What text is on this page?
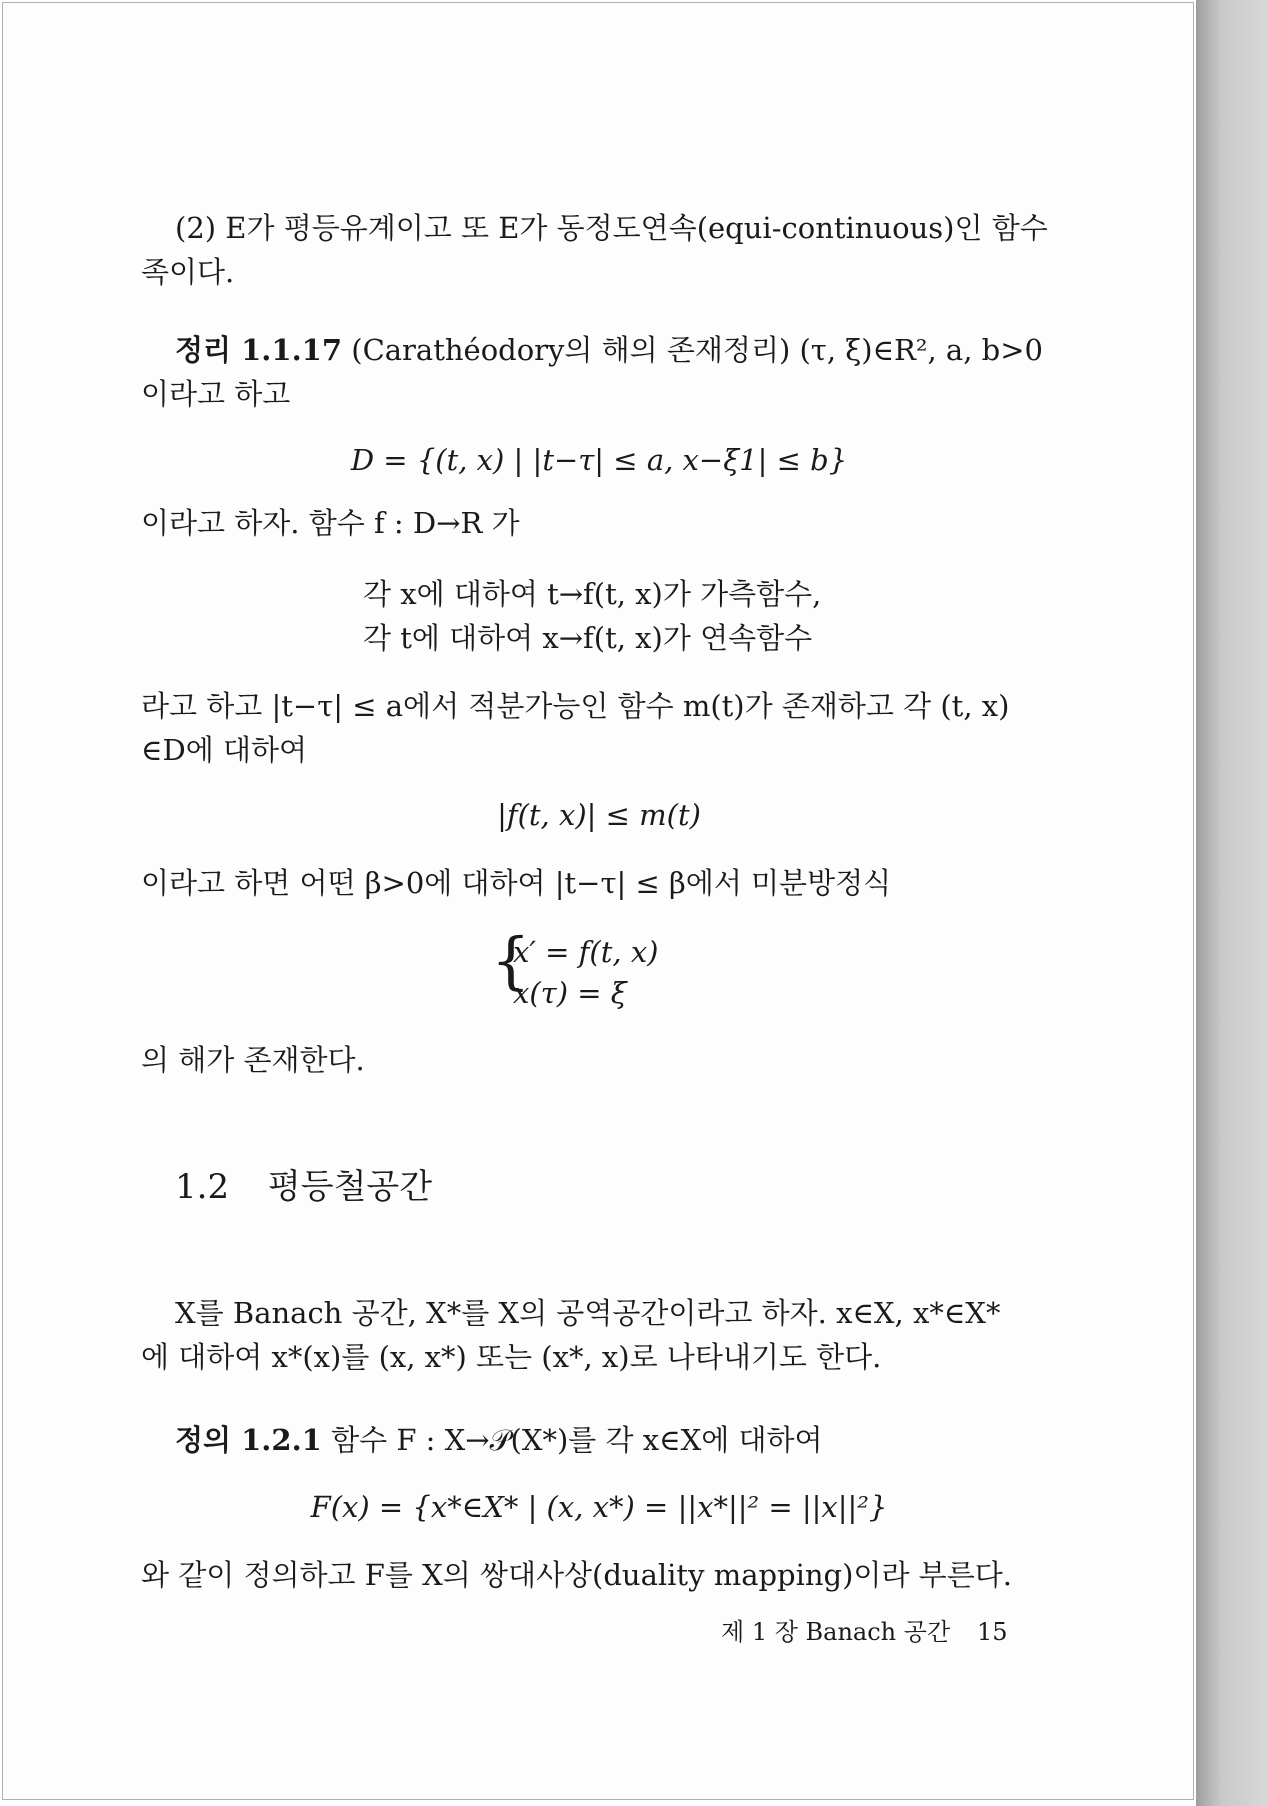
(2) E가 평등유계이고 또 E가 동정도연속(equi-continuous)인 함수
족이다.
정리 1.1.17 (Carathéodory의 해의 존재정리) (τ, ξ)∈R², a, b>0
이라고 하고
D = {(t, x) | |t−τ| ≤ a, x−ξ1| ≤ b}
이라고 하자. 함수 f : D→R 가
각 x에 대하여 t→f(t, x)가 가측함수,
각 t에 대하여 x→f(t, x)가 연속함수
라고 하고 |t−τ| ≤ a에서 적분가능인 함수 m(t)가 존재하고 각 (t, x)
∈D에 대하여
|f(t, x)| ≤ m(t)
이라고 하면 어떤 β>0에 대하여 |t−τ| ≤ β에서 미분방정식
{
x′ = f(t, x)
x(τ) = ξ
의 해가 존재한다.
1.2 평등철공간
X를 Banach 공간, X*를 X의 공역공간이라고 하자. x∈X, x*∈X*
에 대하여 x*(x)를 (x, x*) 또는 (x*, x)로 나타내기도 한다.
정의 1.2.1 함수 F : X→𝒫(X*)를 각 x∈X에 대하여
F(x) = {x*∈X* | (x, x*) = ||x*||² = ||x||²}
와 같이 정의하고 F를 X의 쌍대사상(duality mapping)이라 부른다.
제 1 장 Banach 공간 15
